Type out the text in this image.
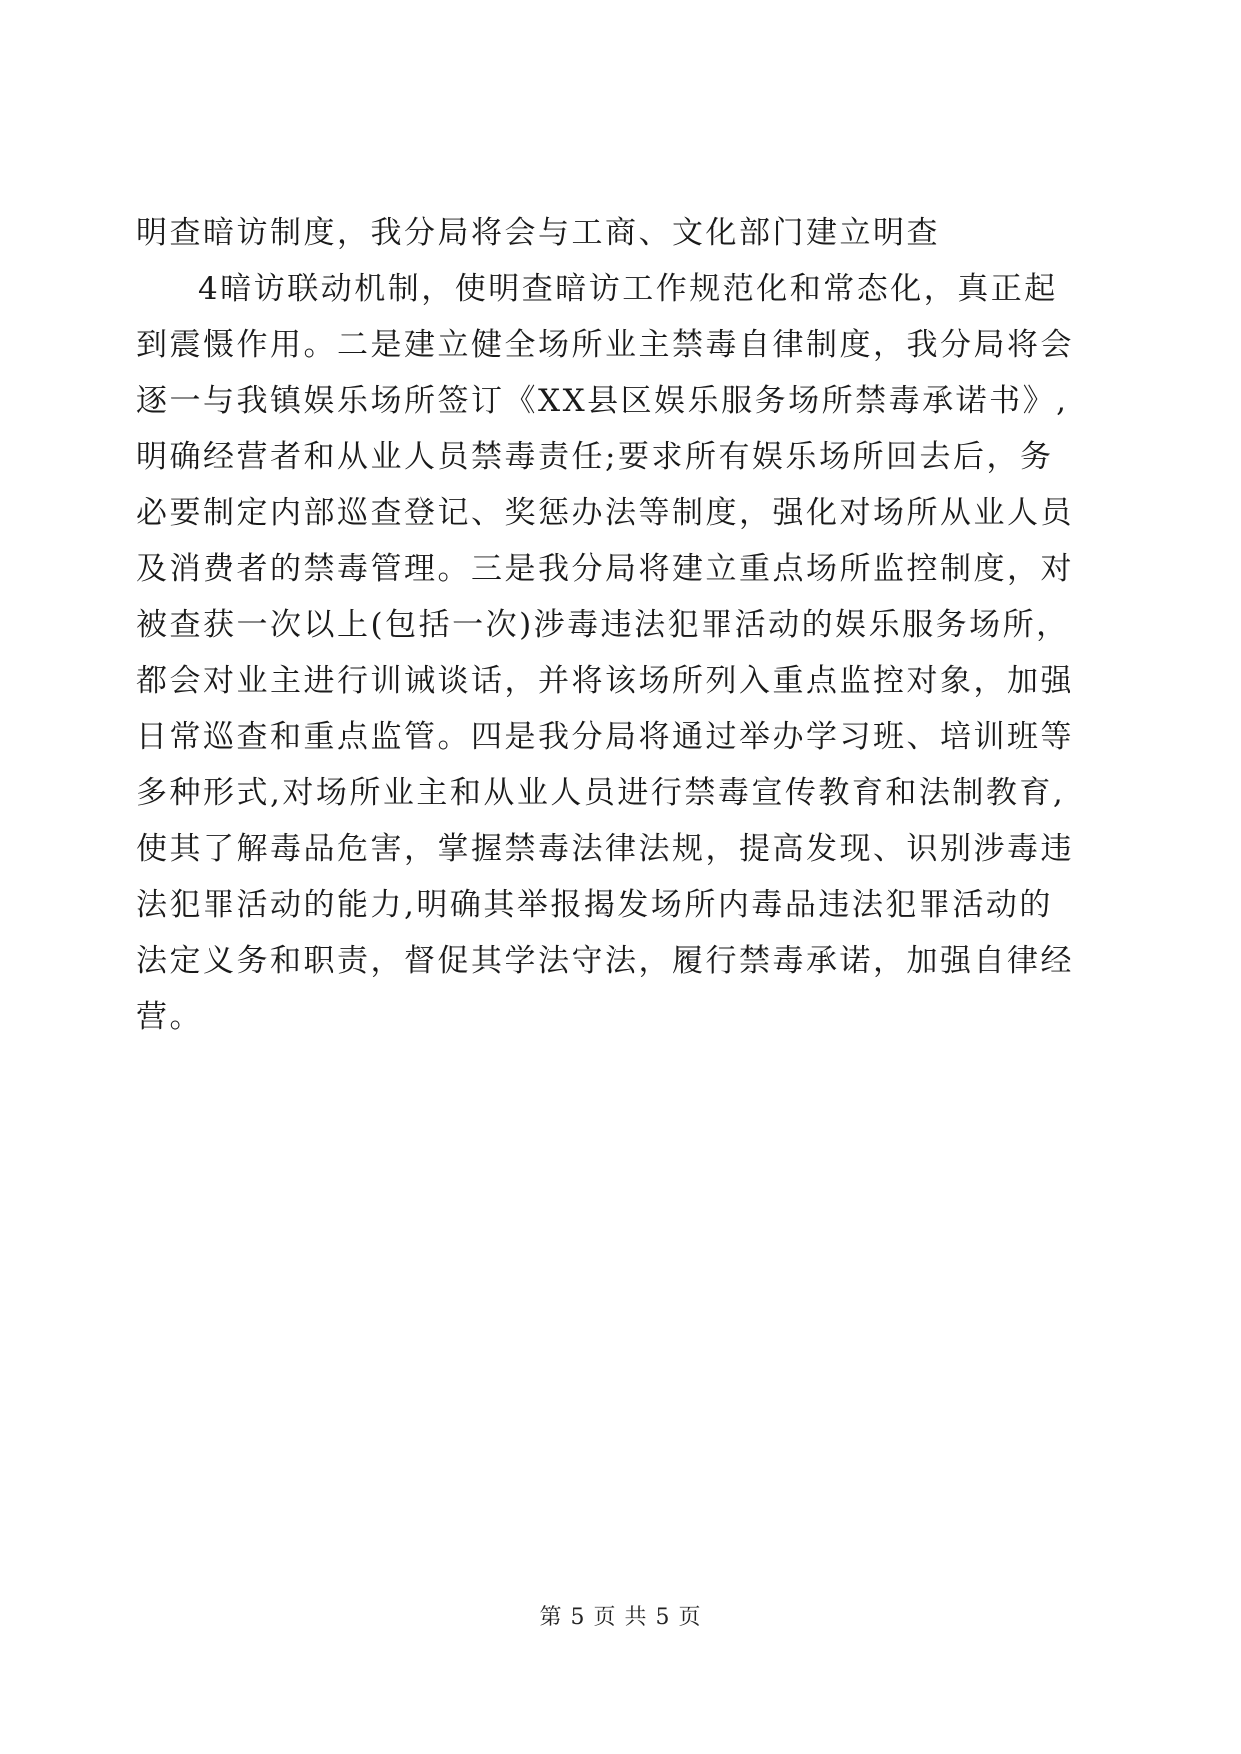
明查暗访制度，我分局将会与工商、文化部门建立明查
4暗访联动机制，使明查暗访工作规范化和常态化，真正起
到震慑作用。二是建立健全场所业主禁毒自律制度，我分局将会
逐一与我镇娱乐场所签订《XX县区娱乐服务场所禁毒承诺书》,
明确经营者和从业人员禁毒责任;要求所有娱乐场所回去后，务
必要制定内部巡查登记、奖惩办法等制度，强化对场所从业人员
及消费者的禁毒管理。三是我分局将建立重点场所监控制度，对
被查获一次以上(包括一次)涉毒违法犯罪活动的娱乐服务场所，
都会对业主进行训诫谈话，并将该场所列入重点监控对象，加强
日常巡查和重点监管。四是我分局将通过举办学习班、培训班等
多种形式,对场所业主和从业人员进行禁毒宣传教育和法制教育,
使其了解毒品危害，掌握禁毒法律法规，提高发现、识别涉毒违
法犯罪活动的能力,明确其举报揭发场所内毒品违法犯罪活动的
法定义务和职责，督促其学法守法，履行禁毒承诺，加强自律经
营。
第 5 页 共 5 页
